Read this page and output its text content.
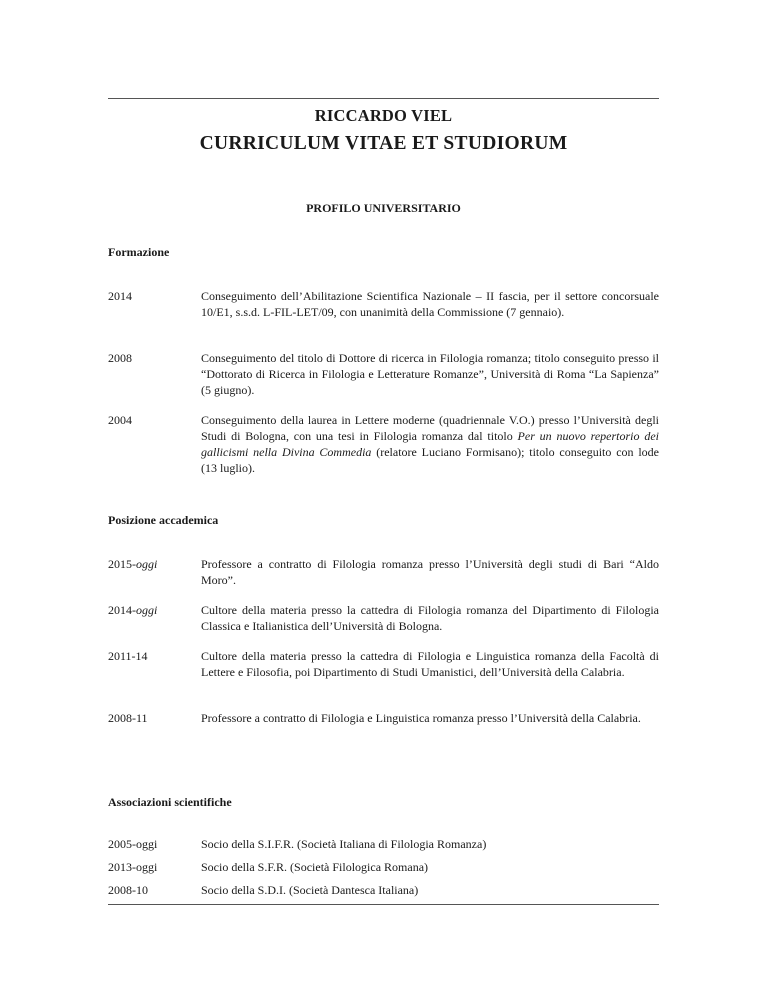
RICCARDO VIEL
CURRICULUM VITAE ET STUDIORUM
PROFILO UNIVERSITARIO
Formazione
2014	Conseguimento dell’Abilitazione Scientifica Nazionale – II fascia, per il settore concorsuale 10/E1, s.s.d. L-FIL-LET/09, con unanimità della Commissione (7 gennaio).
2008	Conseguimento del titolo di Dottore di ricerca in Filologia romanza; titolo conseguito presso il “Dottorato di Ricerca in Filologia e Letterature Romanze”, Università di Roma “La Sapienza” (5 giugno).
2004	Conseguimento della laurea in Lettere moderne (quadriennale V.O.) presso l’Università degli Studi di Bologna, con una tesi in Filologia romanza dal titolo Per un nuovo repertorio dei gallicismi nella Divina Commedia (relatore Luciano Formisano); titolo conseguito con lode (13 luglio).
Posizione accademica
2015-oggi	Professore a contratto di Filologia romanza presso l’Università degli studi di Bari “Aldo Moro”.
2014-oggi	Cultore della materia presso la cattedra di Filologia romanza del Dipartimento di Filologia Classica e Italianistica dell’Università di Bologna.
2011-14	Cultore della materia presso la cattedra di Filologia e Linguistica romanza della Facoltà di Lettere e Filosofia, poi Dipartimento di Studi Umanistici, dell’Università della Calabria.
2008-11	Professore a contratto di Filologia e Linguistica romanza presso l’Università della Calabria.
Associazioni scientifiche
2005-oggi	Socio della S.I.F.R. (Società Italiana di Filologia Romanza)
2013-oggi	Socio della S.F.R. (Società Filologica Romana)
2008-10	Socio della S.D.I. (Società Dantesca Italiana)
